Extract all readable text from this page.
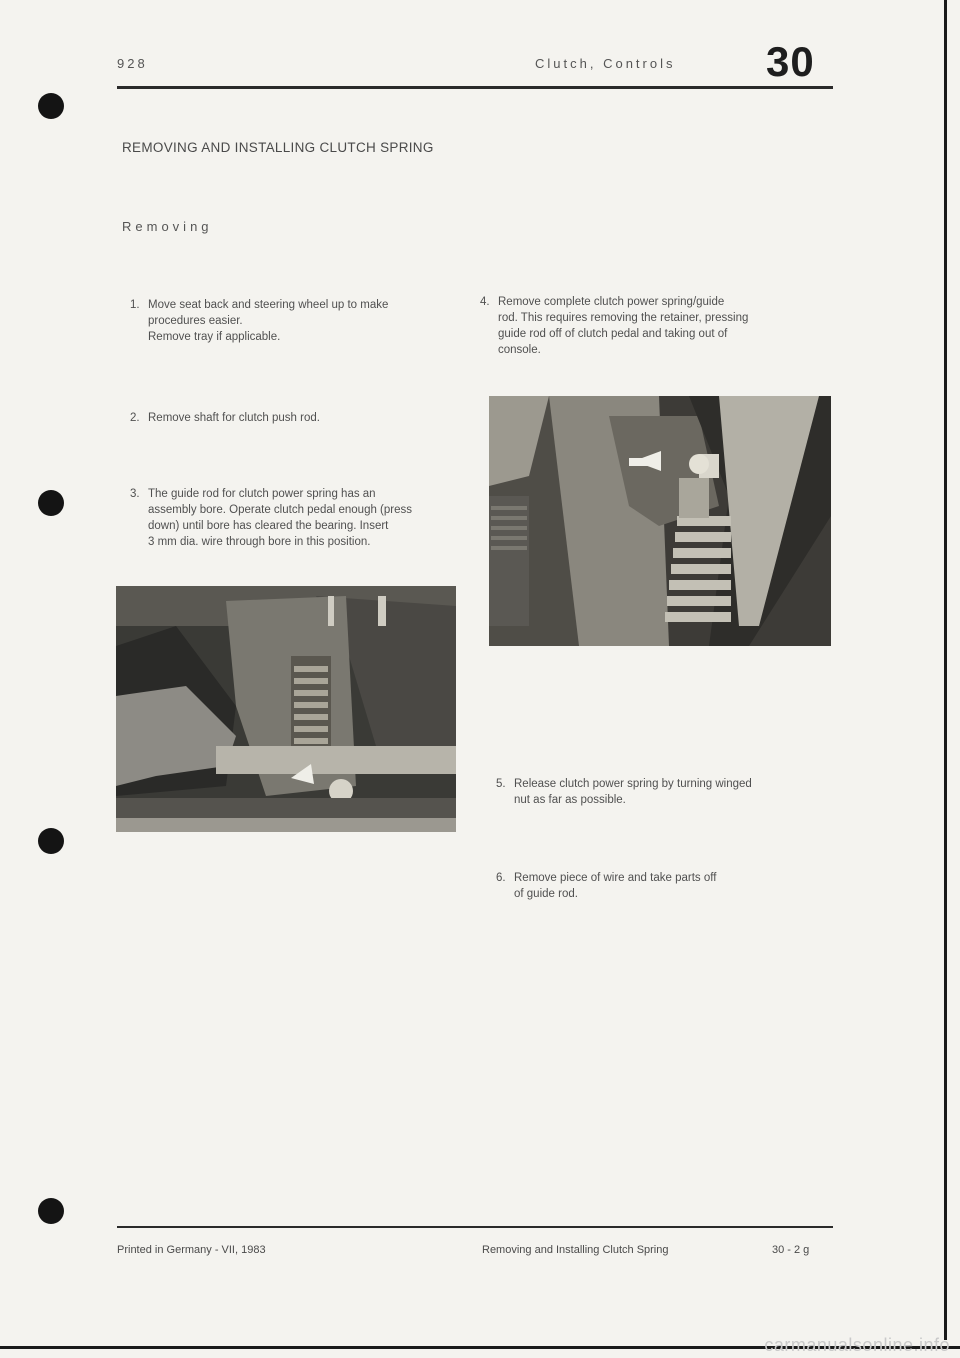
928	Clutch, Controls 30
REMOVING AND INSTALLING CLUTCH SPRING
Removing
1. Move seat back and steering wheel up to make
procedures easier.
Remove tray if applicable.
2. Remove shaft for clutch push rod.
3. The guide rod for clutch power spring has an
assembly bore. Operate clutch pedal enough (press
down) until bore has cleared the bearing. Insert
3 mm dia. wire through bore in this position.
4. Remove complete clutch power spring/guide
rod. This requires removing the retainer, pressing
guide rod off of clutch pedal and taking out of
console.
5. Release clutch power spring by turning winged
nut as far as possible.
6. Remove piece of wire and take parts off
of guide rod.
Printed in Germany - VII, 1983	Removing and Installing Clutch Spring	30 - 2 g
carmanualsonline.info
